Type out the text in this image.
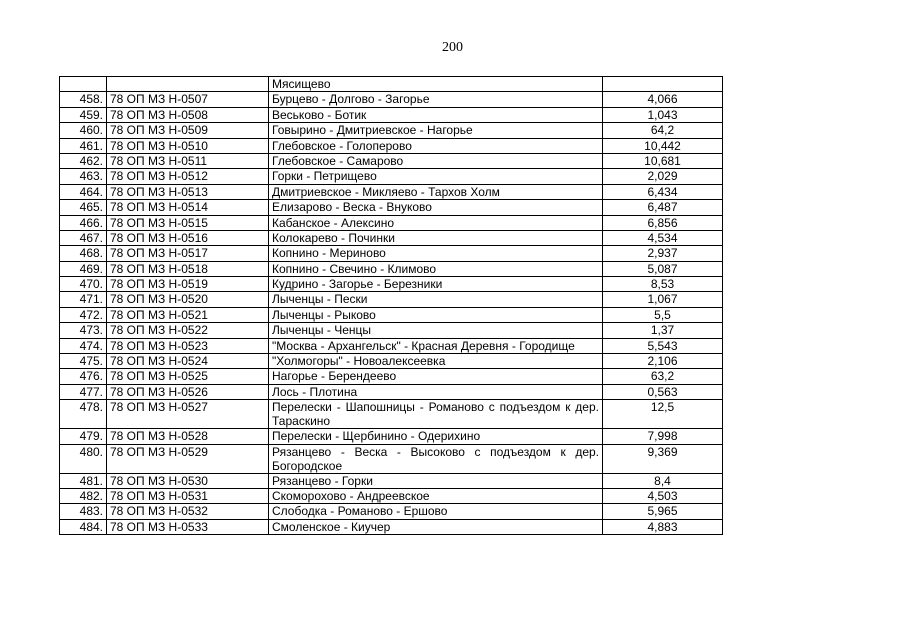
200
		Мясищево	
458.	78 ОП МЗ Н-0507	Бурцево - Долгово - Загорье	4,066
459.	78 ОП МЗ Н-0508	Веськово - Ботик	1,043
460.	78 ОП МЗ Н-0509	Говырино - Дмитриевское - Нагорье	64,2
461.	78 ОП МЗ Н-0510	Глебовское - Голоперово	10,442
462.	78 ОП МЗ Н-0511	Глебовское - Самарово	10,681
463.	78 ОП МЗ Н-0512	Горки - Петрищево	2,029
464.	78 ОП МЗ Н-0513	Дмитриевское - Микляево - Тархов Холм	6,434
465.	78 ОП МЗ Н-0514	Елизарово - Веска - Внуково	6,487
466.	78 ОП МЗ Н-0515	Кабанское - Алексино	6,856
467.	78 ОП МЗ Н-0516	Колокарево - Починки	4,534
468.	78 ОП МЗ Н-0517	Копнино - Мериново	2,937
469.	78 ОП МЗ Н-0518	Копнино - Свечино - Климово	5,087
470.	78 ОП МЗ Н-0519	Кудрино - Загорье - Березники	8,53
471.	78 ОП МЗ Н-0520	Лыченцы - Пески	1,067
472.	78 ОП МЗ Н-0521	Лыченцы - Рыково	5,5
473.	78 ОП МЗ Н-0522	Лыченцы - Ченцы	1,37
474.	78 ОП МЗ Н-0523	"Москва - Архангельск" - Красная Деревня - Городище	5,543
475.	78 ОП МЗ Н-0524	"Холмогоры" - Новоалексеевка	2,106
476.	78 ОП МЗ Н-0525	Нагорье - Берендеево	63,2
477.	78 ОП МЗ Н-0526	Лось - Плотина	0,563
478.	78 ОП МЗ Н-0527	Перелески - Шапошницы - Романово с подъездом к дер. Тараскино	12,5
479.	78 ОП МЗ Н-0528	Перелески - Щербинино - Одерихино	7,998
480.	78 ОП МЗ Н-0529	Рязанцево - Веска - Высоково с подъездом к дер. Богородское	9,369
481.	78 ОП МЗ Н-0530	Рязанцево - Горки	8,4
482.	78 ОП МЗ Н-0531	Скоморохово - Андреевское	4,503
483.	78 ОП МЗ Н-0532	Слободка - Романово - Ершово	5,965
484.	78 ОП МЗ Н-0533	Смоленское - Киучер	4,883
